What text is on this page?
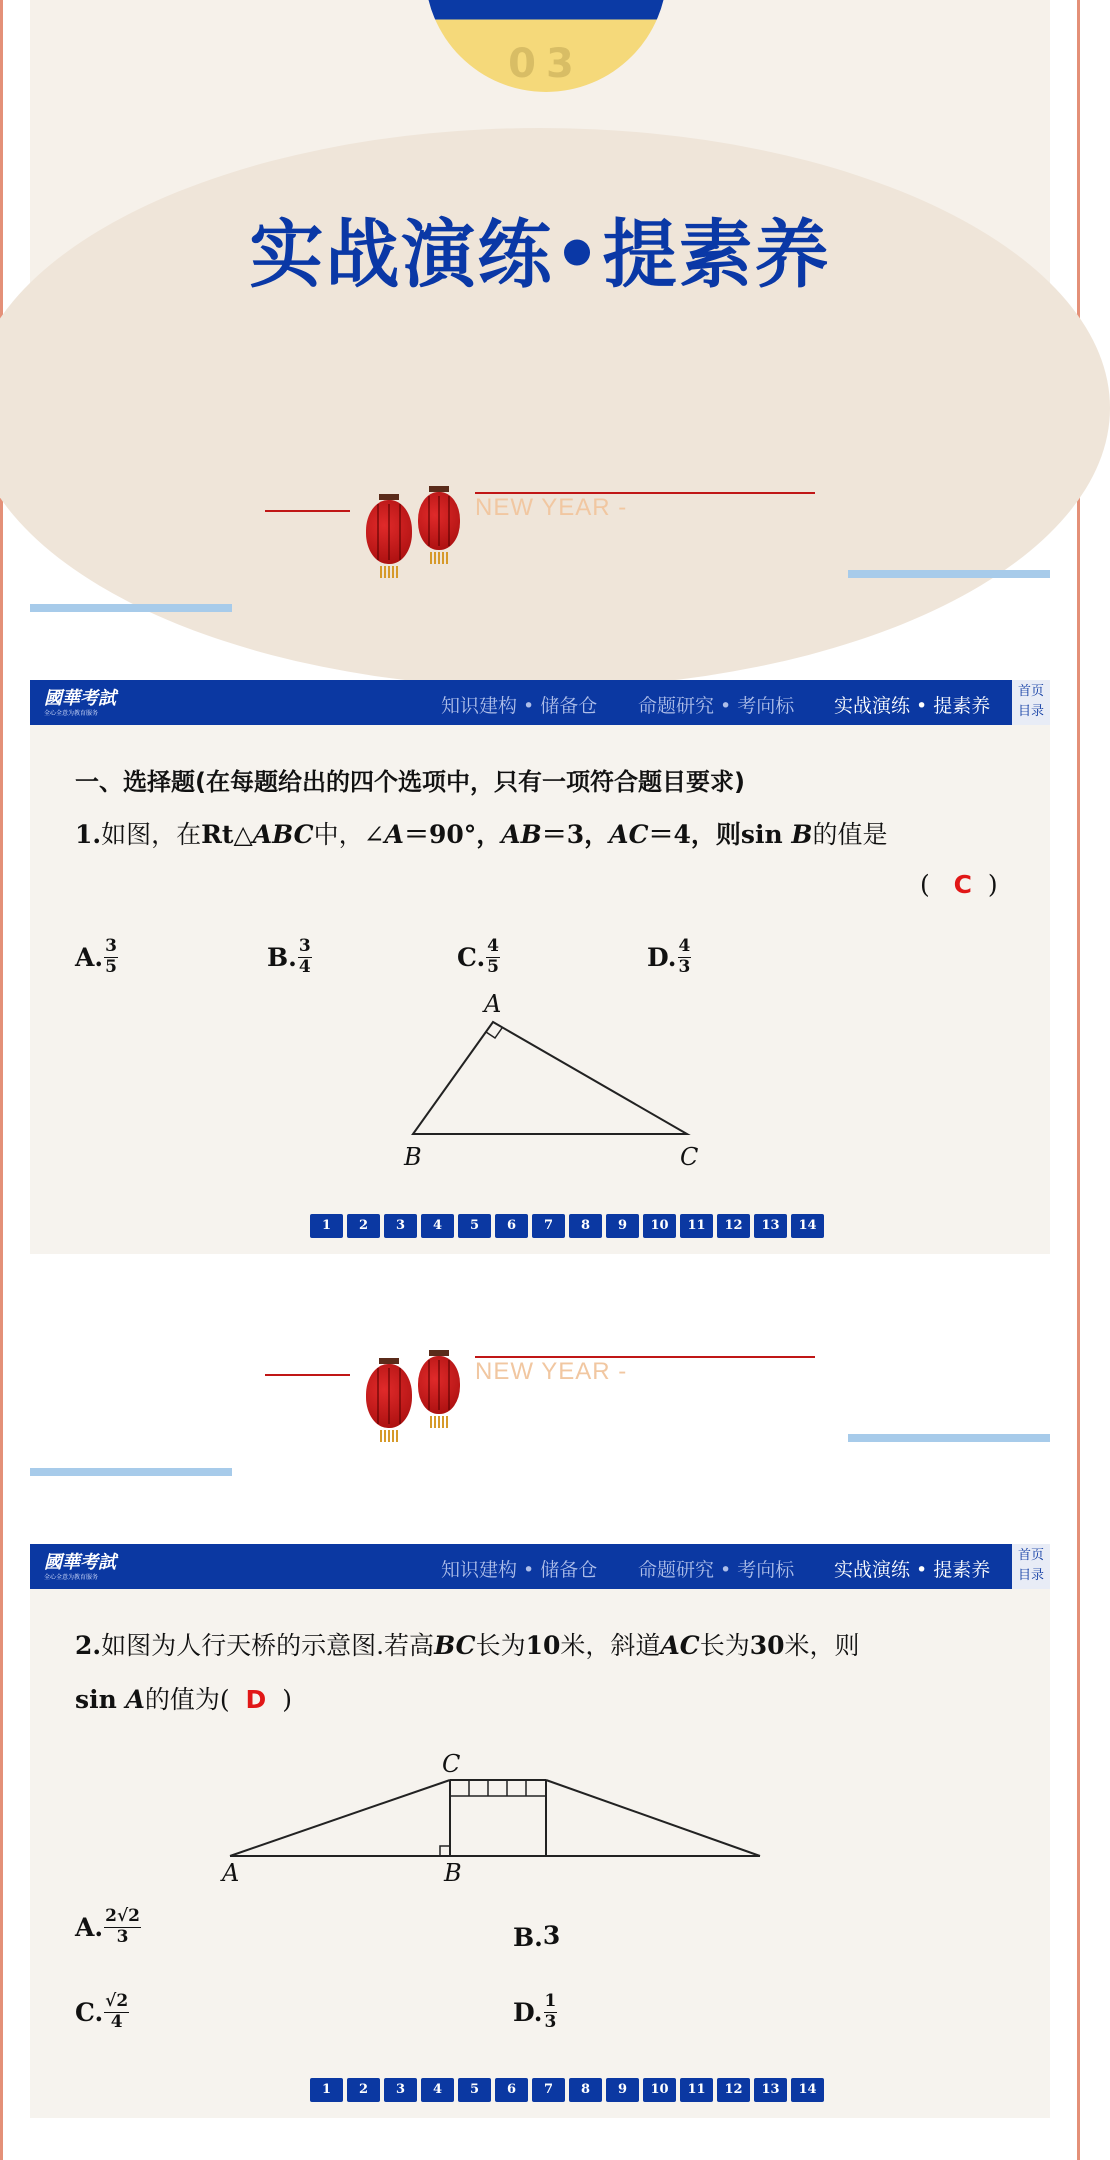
03
实战演练•提素养
NEW YEAR -
國華考試
全心全意为教育服务	知识建构 • 储备仓 命题研究 • 考向标 实战演练 • 提素养
首页
目录
一、选择题(在每题给出的四个选项中，只有一项符合题目要求)
1.如图，在Rt△ABC中，∠A＝90°，AB＝3，AC＝4，则sin B的值是
( C )
A. $\frac{3}{5}$	B. $\frac{3}{4}$	C. $\frac{4}{5}$	D. $\frac{4}{3}$
A
B	C
1	2	3	4	5	6	7	8	9	10	11	12	13	14
NEW YEAR -
國華考試
全心全意为教育服务	知识建构 • 储备仓 命题研究 • 考向标 实战演练 • 提素养
首页
目录
2.如图为人行天桥的示意图.若高BC长为10米，斜道AC长为30米，则
sin A的值为( D )
C
A	B
A. $\frac{2√2}{3}$	B.3
C. $\frac{√2}{4}$	D. $\frac{1}{3}$
1	2	3	4	5	6	7	8	9	10	11	12	13	14
